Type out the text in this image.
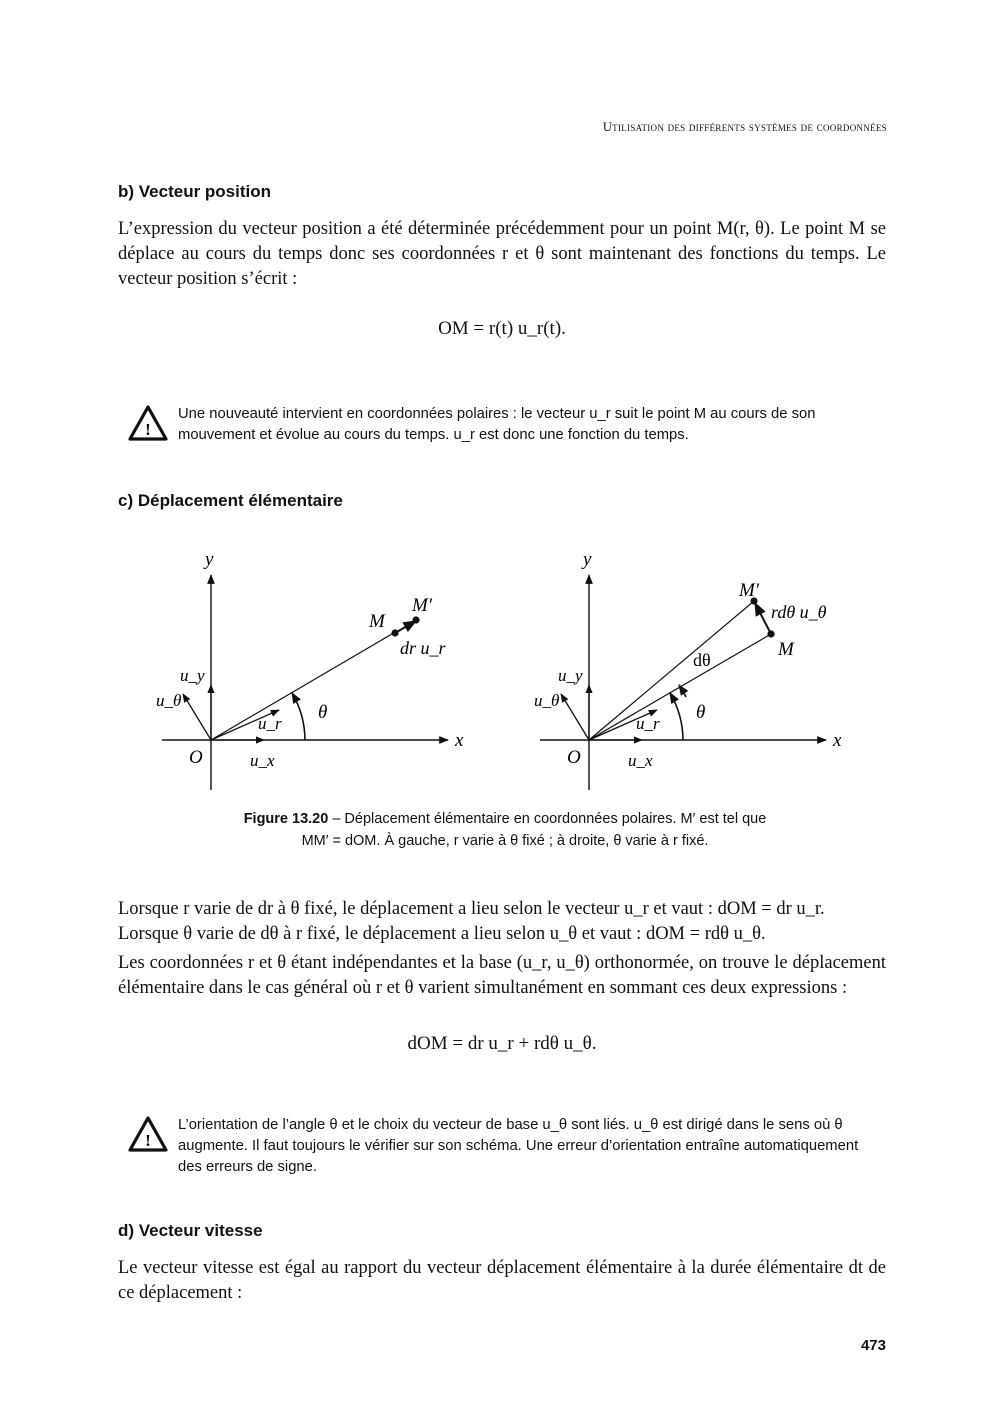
Utilisation des différents systèmes de coordonnées
b) Vecteur position

L’expression du vecteur position a été déterminée précédemment pour un point M(r, θ). Le point M se déplace au cours du temps donc ses coordonnées r et θ sont maintenant des fonctions du temps. Le vecteur position s’écrit :

OM = r(t) u_r(t).
!
Une nouveauté intervient en coordonnées polaires : le vecteur u_r suit le point M au cours de son mouvement et évolue au cours du temps. u_r est donc une fonction du temps.
c) Déplacement élémentaire
y
x
O
M
M′
dr u_r
u_y
u_θ
u_r
u_x
θ
y
x
O
M
M′
rdθ u_θ
dθ
u_y
u_θ
u_r
u_x
θ
Figure 13.20 – Déplacement élémentaire en coordonnées polaires. M′ est tel que
MM′ = dOM. À gauche, r varie à θ fixé ; à droite, θ varie à r fixé.

Lorsque r varie de dr à θ fixé, le déplacement a lieu selon le vecteur u_r et vaut : dOM = dr u_r.

Lorsque θ varie de dθ à r fixé, le déplacement a lieu selon u_θ et vaut : dOM = rdθ u_θ.

Les coordonnées r et θ étant indépendantes et la base (u_r, u_θ) orthonormée, on trouve le déplacement élémentaire dans le cas général où r et θ varient simultanément en sommant ces deux expressions :

dOM = dr u_r + rdθ u_θ.
!
L’orientation de l’angle θ et le choix du vecteur de base u_θ sont liés. u_θ est dirigé dans le sens où θ augmente. Il faut toujours le vérifier sur son schéma. Une erreur d’orientation entraîne automatiquement des erreurs de signe.
d) Vecteur vitesse

Le vecteur vitesse est égal au rapport du vecteur déplacement élémentaire à la durée élémentaire dt de ce déplacement :

473
